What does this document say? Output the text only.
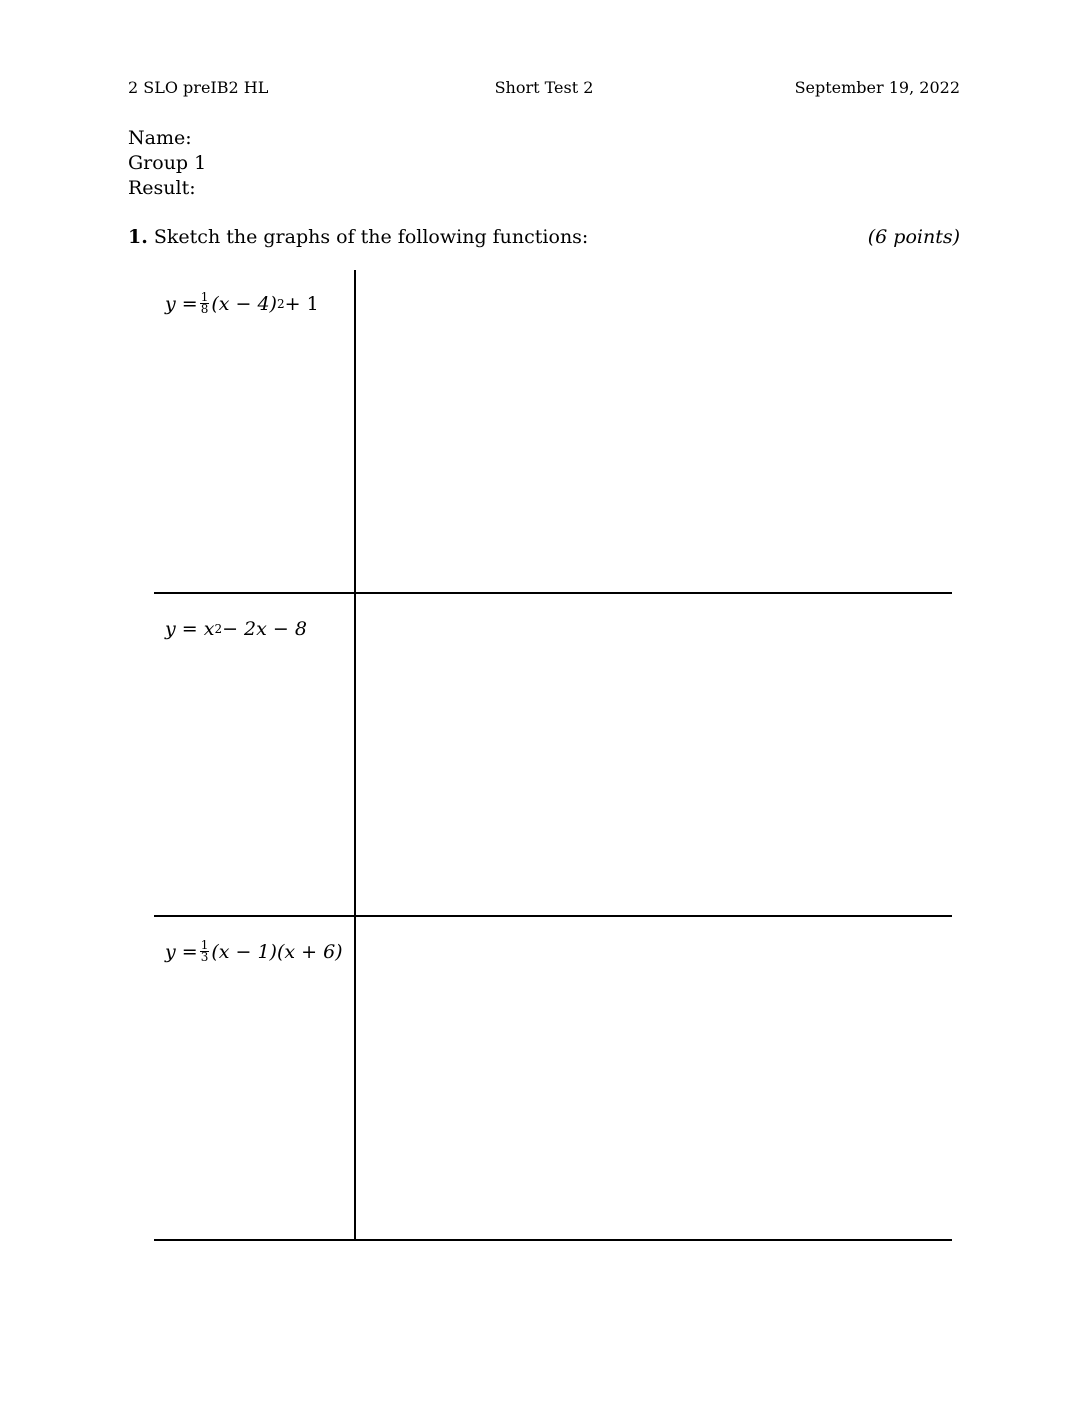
2 SLO preIB2 HL	Short Test 2	September 19, 2022
Name:
Group 1
Result:
1. Sketch the graphs of the following functions:	(6 points)
$y = \frac{1}{8} (x - 4) 2 + 1$
y = x 2 − 2x − 8
$y = \frac{1}{3} (x - 1)(x + 6)$
